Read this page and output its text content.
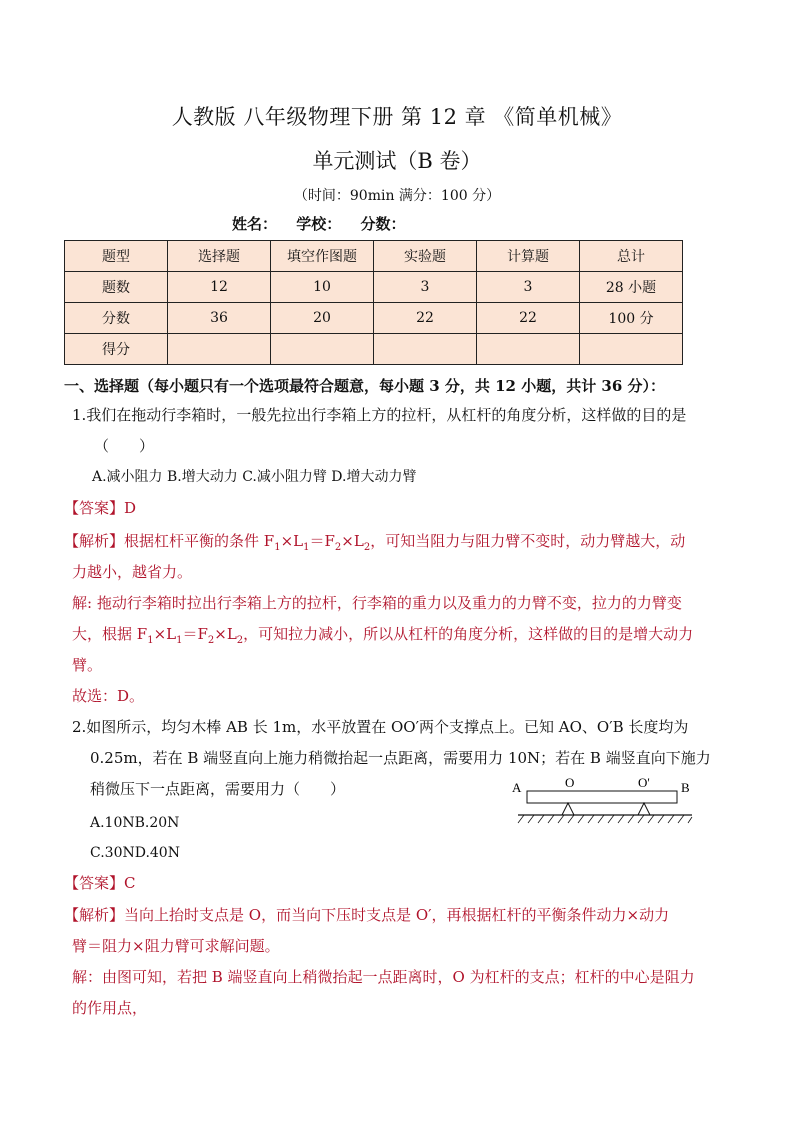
人教版 八年级物理下册 第 12 章 《简单机械》
单元测试（B 卷）
（时间：90min 满分：100 分）
姓名： 学校： 分数：
题型	选择题	填空作图题	实验题	计算题	总计
题数	12	10	3	3	28 小题
分数	36	20	22	22	100 分
得分					
一、选择题（每小题只有一个选项最符合题意，每小题 3 分，共 12 小题，共计 36 分）：
1.我们在拖动行李箱时，一般先拉出行李箱上方的拉杆，从杠杆的角度分析，这样做的目的是
（　　）
A.减小阻力 B.增大动力 C.减小阻力臂 D.增大动力臂
【答案】D
【解析】根据杠杆平衡的条件 $F_1\times L_1=F_2\times L_2$，可知当阻力与阻力臂不变时，动力臂越大，动
力越小，越省力。
解: 拖动行李箱时拉出行李箱上方的拉杆，行李箱的重力以及重力的力臂不变，拉力的力臂变
大，根据 $F_1\times L_1=F_2\times L_2$，可知拉力减小，所以从杠杆的角度分析，这样做的目的是增大动力
臂。
故选：D。
2.如图所示，均匀木棒 AB 长 1m，水平放置在 OO′两个支撑点上。已知 AO、O′B 长度均为
0.25m，若在 B 端竖直向上施力稍微抬起一点距离，需要用力 10N；若在 B 端竖直向下施力
稍微压下一点距离，需要用力（　　）
A.10NB.20N
C.30ND.40N
【答案】C
【解析】当向上抬时支点是 O，而当向下压时支点是 O′，再根据杠杆的平衡条件动力×动力
臂＝阻力×阻力臂可求解问题。
解：由图可知，若把 B 端竖直向上稍微抬起一点距离时，O 为杠杆的支点；杠杆的中心是阻力
的作用点，
A	O	O' B
